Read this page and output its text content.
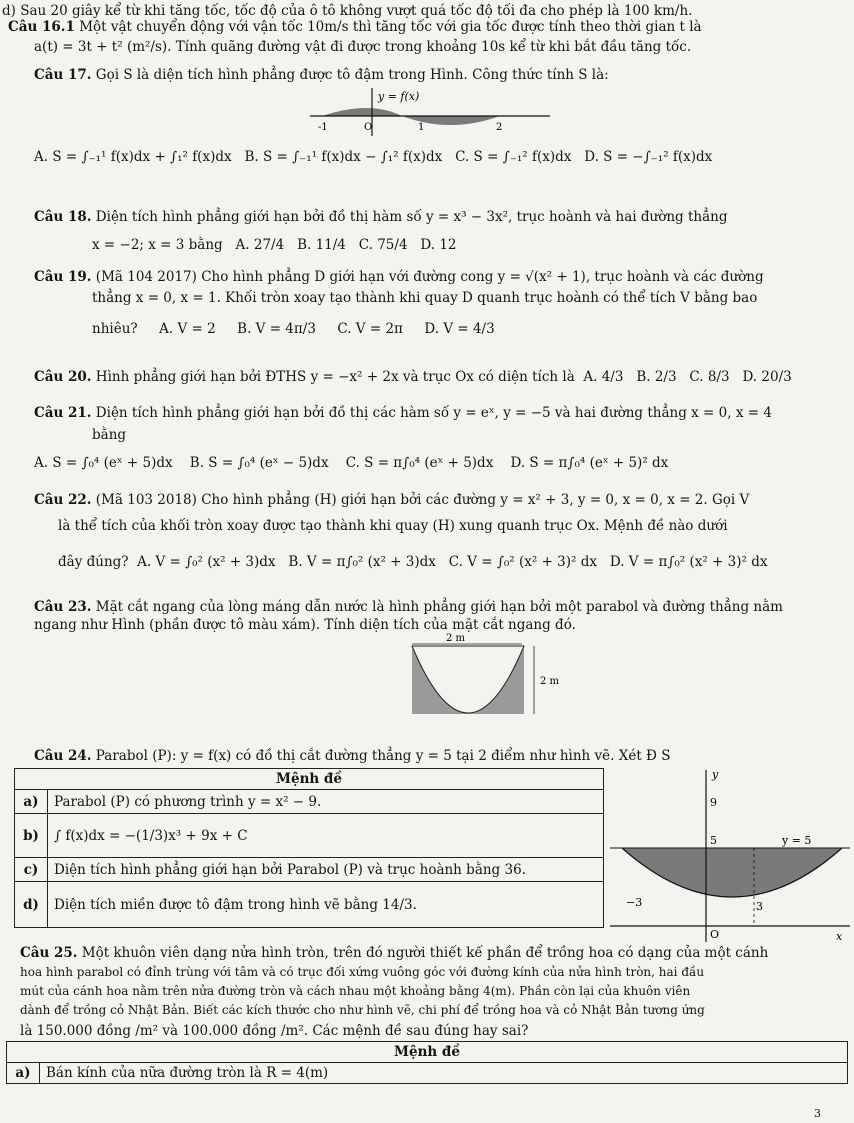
d) Sau 20 giây kể từ khi tăng tốc, tốc độ của ô tô không vượt quá tốc độ tối đa cho phép là 100 km/h.
Câu 16.1 Một vật chuyển động với vận tốc 10m/s thì tăng tốc với gia tốc được tính theo thời gian t là
a(t) = 3t + t² (m²/s). Tính quãng đường vật đi được trong khoảng 10s kể từ khi bắt đầu tăng tốc.
Câu 17. Gọi S là diện tích hình phẳng được tô đậm trong Hình. Công thức tính S là:
y = f(x)
-1	O	1	2
A. S = ∫₋₁¹ f(x)dx + ∫₁² f(x)dx B. S = ∫₋₁¹ f(x)dx − ∫₁² f(x)dx C. S = ∫₋₁² f(x)dx D. S = −∫₋₁² f(x)dx
Câu 18. Diện tích hình phẳng giới hạn bởi đồ thị hàm số y = x³ − 3x², trục hoành và hai đường thẳng
x = −2; x = 3 bằng A. 27/4 B. 11/4 C. 75/4 D. 12
Câu 19. (Mã 104 2017) Cho hình phẳng D giới hạn với đường cong y = √(x² + 1), trục hoành và các đường
thẳng x = 0, x = 1. Khối tròn xoay tạo thành khi quay D quanh trục hoành có thể tích V bằng bao
nhiêu? A. V = 2 B. V = 4π/3 C. V = 2π D. V = 4/3
Câu 20. Hình phẳng giới hạn bởi ĐTHS y = −x² + 2x và trục Ox có diện tích là A. 4/3 B. 2/3 C. 8/3 D. 20/3
Câu 21. Diện tích hình phẳng giới hạn bởi đồ thị các hàm số y = eˣ, y = −5 và hai đường thẳng x = 0, x = 4
bằng
A. S = ∫₀⁴ (eˣ + 5)dx B. S = ∫₀⁴ (eˣ − 5)dx C. S = π∫₀⁴ (eˣ + 5)dx D. S = π∫₀⁴ (eˣ + 5)² dx
Câu 22. (Mã 103 2018) Cho hình phẳng (H) giới hạn bởi các đường y = x² + 3, y = 0, x = 0, x = 2. Gọi V
là thể tích của khối tròn xoay được tạo thành khi quay (H) xung quanh trục Ox. Mệnh đề nào dưới
đây đúng? A. V = ∫₀² (x² + 3)dx B. V = π∫₀² (x² + 3)dx C. V = ∫₀² (x² + 3)² dx D. V = π∫₀² (x² + 3)² dx
Câu 23. Mặt cắt ngang của lòng máng dẫn nước là hình phẳng giới hạn bởi một parabol và đường thẳng nằm
ngang như Hình (phần được tô màu xám). Tính diện tích của mặt cắt ngang đó.
2 m
2 m
Câu 24. Parabol (P): y = f(x) có đồ thị cắt đường thẳng y = 5 tại 2 điểm như hình vẽ. Xét Đ S
Mệnh đề	
a)	Parabol (P) có phương trình y = x² − 9.
b)	∫ f(x)dx = −(1/3)x³ + 9x + C
c)	Diện tích hình phẳng giới hạn bởi Parabol (P) và trục hoành bằng 36.
d)	Diện tích miền được tô đậm trong hình vẽ bằng 14/3.
y
x
O
9
5	y = 5
−3	3
Câu 25. Một khuôn viên dạng nửa hình tròn, trên đó người thiết kế phần để trồng hoa có dạng của một cánh
hoa hình parabol có đỉnh trùng với tâm và có trục đối xứng vuông góc với đường kính của nửa hình tròn, hai đầu
mút của cánh hoa nằm trên nửa đường tròn và cách nhau một khoảng bằng 4(m). Phần còn lại của khuôn viên
dành để trồng cỏ Nhật Bản. Biết các kích thước cho như hình vẽ, chi phí để trồng hoa và cỏ Nhật Bản tương ứng
là 150.000 đồng /m² và 100.000 đồng /m². Các mệnh đề sau đúng hay sai?
Mệnh đề
a)	Bán kính của nữa đường tròn là R = 4(m)
3
